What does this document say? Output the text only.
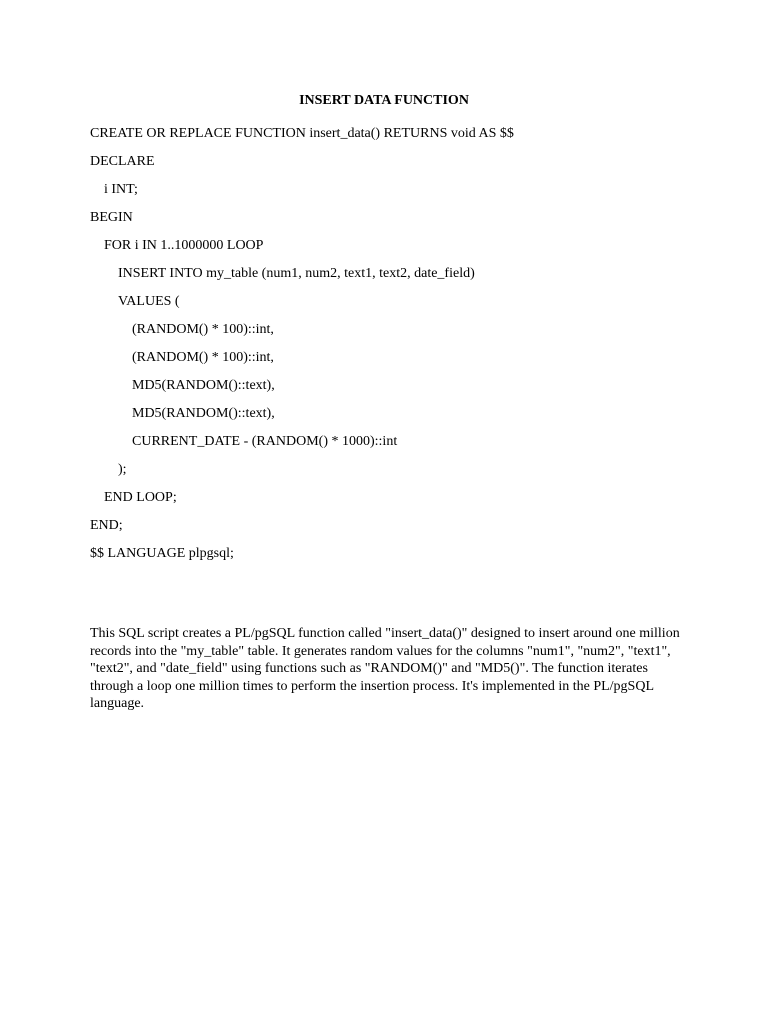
INSERT DATA FUNCTION
CREATE OR REPLACE FUNCTION insert_data() RETURNS void AS $$
DECLARE
i INT;
BEGIN
FOR i IN 1..1000000 LOOP
INSERT INTO my_table (num1, num2, text1, text2, date_field)
VALUES (
(RANDOM() * 100)::int,
(RANDOM() * 100)::int,
MD5(RANDOM()::text),
MD5(RANDOM()::text),
CURRENT_DATE - (RANDOM() * 1000)::int
);
END LOOP;
END;
$$ LANGUAGE plpgsql;
This SQL script creates a PL/pgSQL function called "insert_data()" designed to insert around one million records into the "my_table" table. It generates random values for the columns "num1", "num2", "text1", "text2", and "date_field" using functions such as "RANDOM()" and "MD5()". The function iterates through a loop one million times to perform the insertion process. It's implemented in the PL/pgSQL language.
